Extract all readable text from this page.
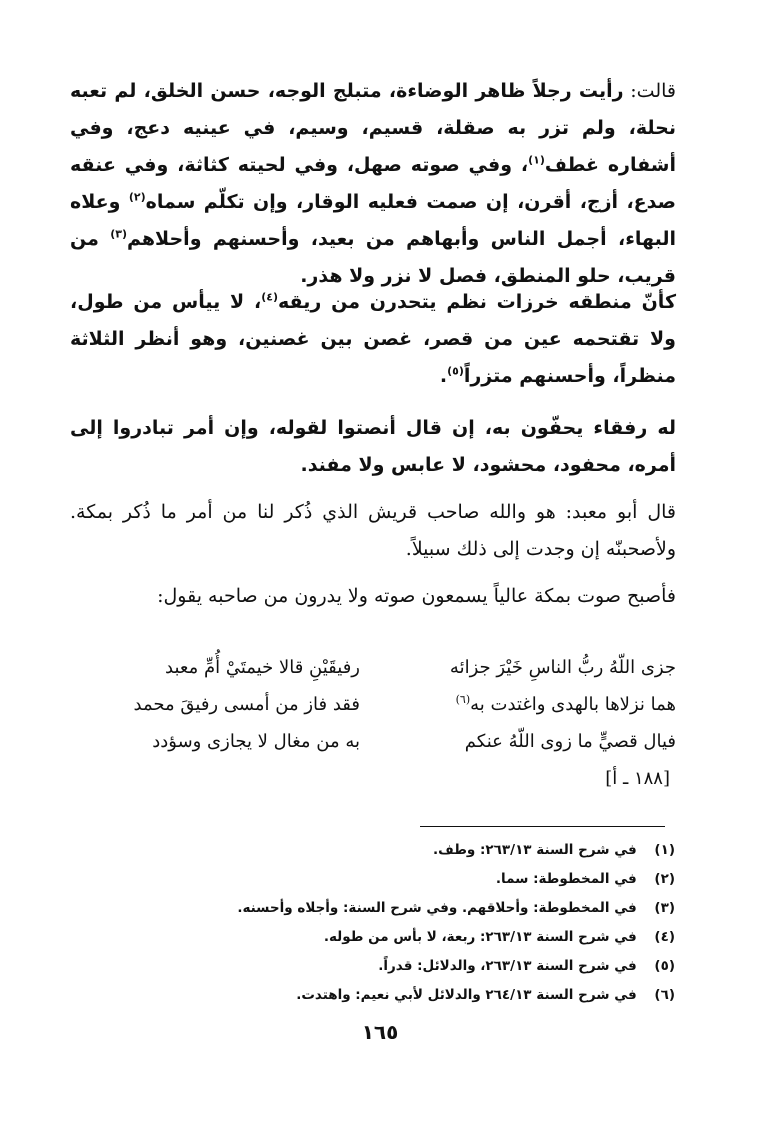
قالت: رأيت رجلاً ظاهر الوضاءة، متبلج الوجه، حسن الخلق، لم تعبه نحلة، ولم تزر به صقلة، قسيم، وسيم، في عينيه دعج، وفي أشفاره غطف$^{(١)}$، وفي صوته صهل، وفي لحيته كثاثة، وفي عنقه صدع، أزج، أقرن، إن صمت فعليه الوقار، وإن تكلّم سماه$^{(٢)}$ وعلاه البهاء، أجمل الناس وأبهاهم من بعيد، وأحسنهم وأحلاهم$^{(٣)}$ من قريب، حلو المنطق، فصل لا نزر ولا هذر.

كأنّ منطقه خرزات نظم يتحدرن من ريقه$^{(٤)}$، لا ييأس من طول، ولا تقتحمه عين من قصر، غصن بين غصنين، وهو أنظر الثلاثة منظراً، وأحسنهم متزراً$^{(٥)}$.

له رفقاء يحفّون به، إن قال أنصتوا لقوله، وإن أمر تبادروا إلى أمره، محفود، محشود، لا عابس ولا مفند.

قال أبو معبد: هو والله صاحب قريش الذي ذُكر لنا من أمر ما ذُكر بمكة. ولأصحبنّه إن وجدت إلى ذلك سبيلاً.

فأصبح صوت بمكة عالياً يسمعون صوته ولا يدرون من صاحبه يقول:

جزى اللّهُ ربُّ الناسِ خَيْرَ جزائه
رفيقَيْنِ قالا خيمتَيْ أُمِّ معبد
هما نزلاها بالهدى واغتدت به$^{(٦)}$
فقد فاز من أمسى رفيقَ محمد
فيال قصيٍّ ما زوى اللّهُ عنكم
به من مغال لا يجازى وسؤدد
[١٨٨ ـ أ]
(١) في شرح السنة ٢٦٣/١٣: وطف.
(٢) في المخطوطة: سما.
(٣) في المخطوطة: وأحلاقهم. وفي شرح السنة: وأجلاه وأحسنه.
(٤) في شرح السنة ٢٦٣/١٣: ربعة، لا بأس من طوله.
(٥) في شرح السنة ٢٦٣/١٣، والدلائل: قدراً.
(٦) في شرح السنة ٢٦٤/١٣ والدلائل لأبي نعيم: واهتدت.
١٦٥
